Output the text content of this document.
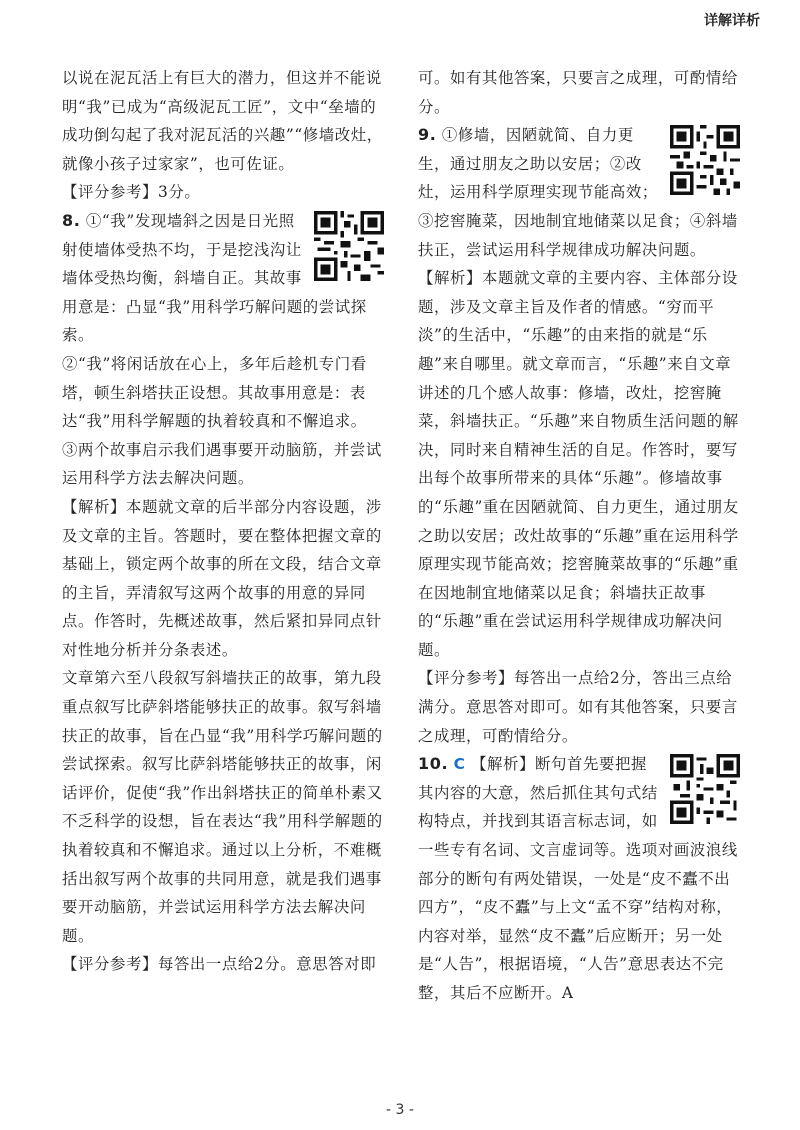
详解详析

以说在泥瓦活上有巨大的潜力，但这并不能说明“我”已成为“高级泥瓦工匠”，文中“垒墙的成功倒勾起了我对泥瓦活的兴趣”“修墙改灶，就像小孩子过家家”，也可佐证。

【评分参考】3分。

8. ①“我”发现墙斜之因是日光照射使墙体受热不均，于是挖浅沟让墙体受热均衡，斜墙自正。其故事用意是：凸显“我”用科学巧解问题的尝试探索。

②“我”将闲话放在心上，多年后趁机专门看塔，顿生斜塔扶正设想。其故事用意是：表达“我”用科学解题的执着较真和不懈追求。

③两个故事启示我们遇事要开动脑筋，并尝试运用科学方法去解决问题。

【解析】本题就文章的后半部分内容设题，涉及文章的主旨。答题时，要在整体把握文章的基础上，锁定两个故事的所在文段，结合文章的主旨，弄清叙写这两个故事的用意的异同点。作答时，先概述故事，然后紧扣异同点针对性地分析并分条表述。

文章第六至八段叙写斜墙扶正的故事，第九段重点叙写比萨斜塔能够扶正的故事。叙写斜墙扶正的故事，旨在凸显“我”用科学巧解问题的尝试探索。叙写比萨斜塔能够扶正的故事，闲话评价，促使“我”作出斜塔扶正的简单朴素又不乏科学的设想，旨在表达“我”用科学解题的执着较真和不懈追求。通过以上分析，不难概括出叙写两个故事的共同用意，就是我们遇事要开动脑筋，并尝试运用科学方法去解决问题。

【评分参考】每答出一点给2分。意思答对即

可。如有其他答案，只要言之成理，可酌情给分。

9. ①修墙，因陋就简、自力更生，通过朋友之助以安居；②改灶，运用科学原理实现节能高效；③挖窖腌菜，因地制宜地储菜以足食；④斜墙扶正，尝试运用科学规律成功解决问题。

【解析】本题就文章的主要内容、主体部分设题，涉及文章主旨及作者的情感。“穷而平淡”的生活中，“乐趣”的由来指的就是“乐趣”来自哪里。就文章而言，“乐趣”来自文章讲述的几个感人故事：修墙，改灶，挖窖腌菜，斜墙扶正。“乐趣”来自物质生活问题的解决，同时来自精神生活的自足。作答时，要写出每个故事所带来的具体“乐趣”。修墙故事的“乐趣”重在因陋就简、自力更生，通过朋友之助以安居；改灶故事的“乐趣”重在运用科学原理实现节能高效；挖窖腌菜故事的“乐趣”重在因地制宜地储菜以足食；斜墙扶正故事的“乐趣”重在尝试运用科学规律成功解决问题。

【评分参考】每答出一点给2分，答出三点给满分。意思答对即可。如有其他答案，只要言之成理，可酌情给分。

10. C 【解析】断句首先要把握其内容的大意，然后抓住其句式结构特点，并找到其语言标志词，如一些专有名词、文言虚词等。选项对画波浪线部分的断句有两处错误，一处是“皮不蠹不出四方”，“皮不蠹”与上文“孟不穿”结构对称，内容对举，显然“皮不蠹”后应断开；另一处是“人告”，根据语境，“人告”意思表达不完整，其后不应断开。A

- 3 -
